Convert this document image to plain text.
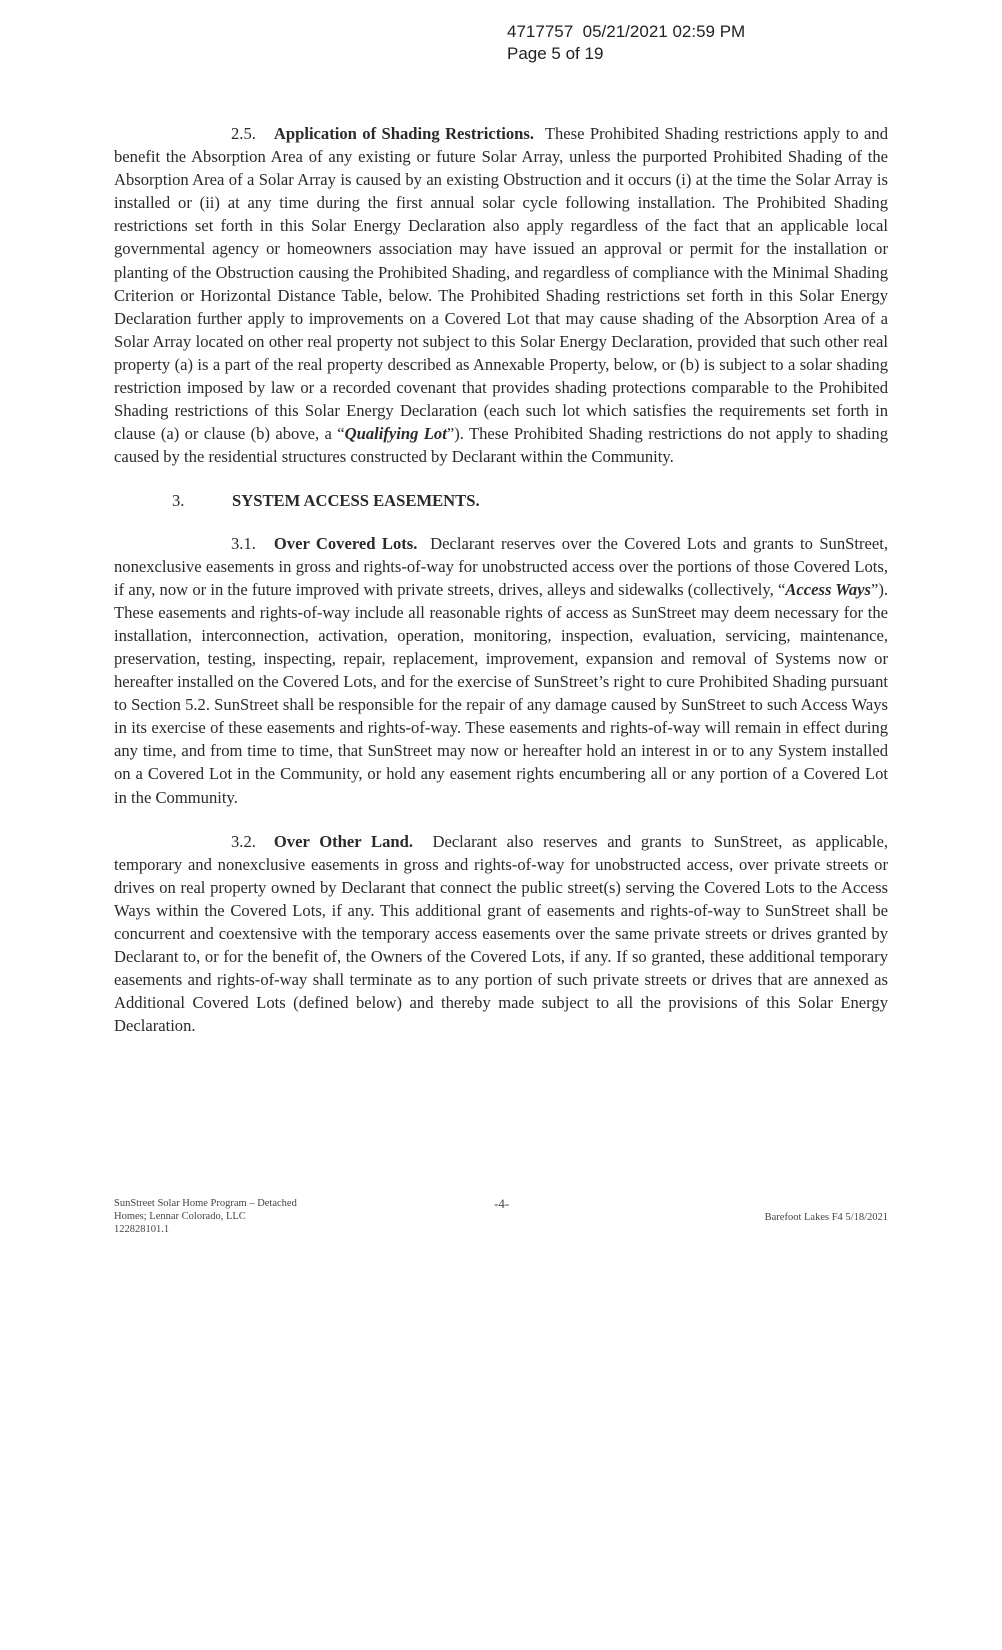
4717757 05/21/2021 02:59 PM
Page 5 of 19

2.5. Application of Shading Restrictions. These Prohibited Shading restrictions apply to and benefit the Absorption Area of any existing or future Solar Array, unless the purported Prohibited Shading of the Absorption Area of a Solar Array is caused by an existing Obstruction and it occurs (i) at the time the Solar Array is installed or (ii) at any time during the first annual solar cycle following installation. The Prohibited Shading restrictions set forth in this Solar Energy Declaration also apply regardless of the fact that an applicable local governmental agency or homeowners association may have issued an approval or permit for the installation or planting of the Obstruction causing the Prohibited Shading, and regardless of compliance with the Minimal Shading Criterion or Horizontal Distance Table, below. The Prohibited Shading restrictions set forth in this Solar Energy Declaration further apply to improvements on a Covered Lot that may cause shading of the Absorption Area of a Solar Array located on other real property not subject to this Solar Energy Declaration, provided that such other real property (a) is a part of the real property described as Annexable Property, below, or (b) is subject to a solar shading restriction imposed by law or a recorded covenant that provides shading protections comparable to the Prohibited Shading restrictions of this Solar Energy Declaration (each such lot which satisfies the requirements set forth in clause (a) or clause (b) above, a “Qualifying Lot”). These Prohibited Shading restrictions do not apply to shading caused by the residential structures constructed by Declarant within the Community.

3.	SYSTEM ACCESS EASEMENTS.

3.1. Over Covered Lots. Declarant reserves over the Covered Lots and grants to SunStreet, nonexclusive easements in gross and rights-of-way for unobstructed access over the portions of those Covered Lots, if any, now or in the future improved with private streets, drives, alleys and sidewalks (collectively, “Access Ways”). These easements and rights-of-way include all reasonable rights of access as SunStreet may deem necessary for the installation, interconnection, activation, operation, monitoring, inspection, evaluation, servicing, maintenance, preservation, testing, inspecting, repair, replacement, improvement, expansion and removal of Systems now or hereafter installed on the Covered Lots, and for the exercise of SunStreet’s right to cure Prohibited Shading pursuant to Section 5.2. SunStreet shall be responsible for the repair of any damage caused by SunStreet to such Access Ways in its exercise of these easements and rights-of-way. These easements and rights-of-way will remain in effect during any time, and from time to time, that SunStreet may now or hereafter hold an interest in or to any System installed on a Covered Lot in the Community, or hold any easement rights encumbering all or any portion of a Covered Lot in the Community.

3.2. Over Other Land. Declarant also reserves and grants to SunStreet, as applicable, temporary and nonexclusive easements in gross and rights-of-way for unobstructed access, over private streets or drives on real property owned by Declarant that connect the public street(s) serving the Covered Lots to the Access Ways within the Covered Lots, if any. This additional grant of easements and rights-of-way to SunStreet shall be concurrent and coextensive with the temporary access easements over the same private streets or drives granted by Declarant to, or for the benefit of, the Owners of the Covered Lots, if any. If so granted, these additional temporary easements and rights-of-way shall terminate as to any portion of such private streets or drives that are annexed as Additional Covered Lots (defined below) and thereby made subject to all the provisions of this Solar Energy Declaration.

SunStreet Solar Home Program – Detached
Homes; Lennar Colorado, LLC
122828101.1
-4-
Barefoot Lakes F4 5/18/2021
